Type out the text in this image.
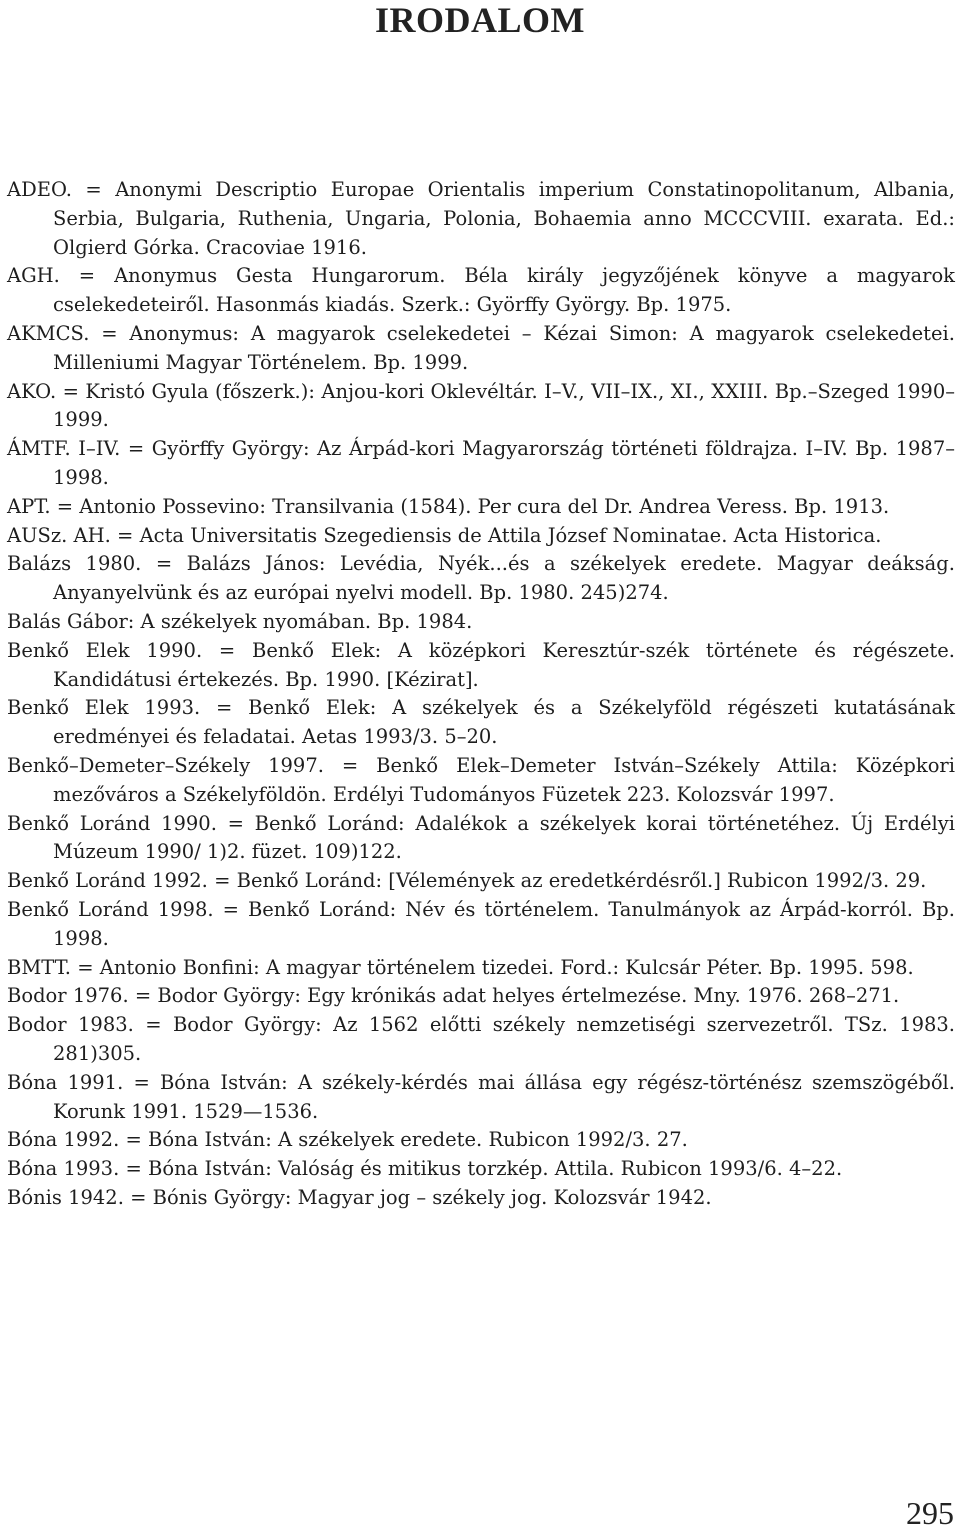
IRODALOM
ADEO. = Anonymi Descriptio Europae Orientalis imperium Constatinopolitanum, Albania, Serbia, Bulgaria, Ruthenia, Ungaria, Polonia, Bohaemia anno MCCCVIII. exarata. Ed.: Olgierd Górka. Cracoviae 1916.
AGH. = Anonymus Gesta Hungarorum. Béla király jegyzőjének könyve a magyarok cselekedeteiről. Hasonmás kiadás. Szerk.: Györffy György. Bp. 1975.
AKMCS. = Anonymus: A magyarok cselekedetei – Kézai Simon: A magyarok cselekedetei. Milleniumi Magyar Történelem. Bp. 1999.
AKO. = Kristó Gyula (főszerk.): Anjou-kori Oklevéltár. I–V., VII–IX., XI., XXIII. Bp.–Szeged 1990–1999.
ÁMTF. I–IV. = Györffy György: Az Árpád-kori Magyarország történeti földrajza. I–IV. Bp. 1987–1998.
APT. = Antonio Possevino: Transilvania (1584). Per cura del Dr. Andrea Veress. Bp. 1913.
AUSz. AH. = Acta Universitatis Szegediensis de Attila József Nominatae. Acta Historica.
Balázs 1980. = Balázs János: Levédia, Nyék...és a székelyek eredete. Magyar deákság. Anyanyelvünk és az európai nyelvi modell. Bp. 1980. 245)274.
Balás Gábor: A székelyek nyomában. Bp. 1984.
Benkő Elek 1990. = Benkő Elek: A középkori Keresztúr-szék története és régészete. Kandidátusi értekezés. Bp. 1990. [Kézirat].
Benkő Elek 1993. = Benkő Elek: A székelyek és a Székelyföld régészeti kutatásának eredményei és feladatai. Aetas 1993/3. 5–20.
Benkő–Demeter–Székely 1997. = Benkő Elek–Demeter István–Székely Attila: Középkori mezőváros a Székelyföldön. Erdélyi Tudományos Füzetek 223. Kolozsvár 1997.
Benkő Loránd 1990. = Benkő Loránd: Adalékok a székelyek korai történetéhez. Új Erdélyi Múzeum 1990/ 1)2. füzet. 109)122.
Benkő Loránd 1992. = Benkő Loránd: [Vélemények az eredetkérdésről.] Rubicon 1992/3. 29.
Benkő Loránd 1998. = Benkő Loránd: Név és történelem. Tanulmányok az Árpád-korról. Bp. 1998.
BMTT. = Antonio Bonfini: A magyar történelem tizedei. Ford.: Kulcsár Péter. Bp. 1995. 598.
Bodor 1976. = Bodor György: Egy krónikás adat helyes értelmezése. Mny. 1976. 268–271.
Bodor 1983. = Bodor György: Az 1562 előtti székely nemzetiségi szervezetről. TSz. 1983. 281)305.
Bóna 1991. = Bóna István: A székely-kérdés mai állása egy régész-történész szemszögéből. Korunk 1991. 1529—1536.
Bóna 1992. = Bóna István: A székelyek eredete. Rubicon 1992/3. 27.
Bóna 1993. = Bóna István: Valóság és mitikus torzkép. Attila. Rubicon 1993/6. 4–22.
Bónis 1942. = Bónis György: Magyar jog – székely jog. Kolozsvár 1942.
295
